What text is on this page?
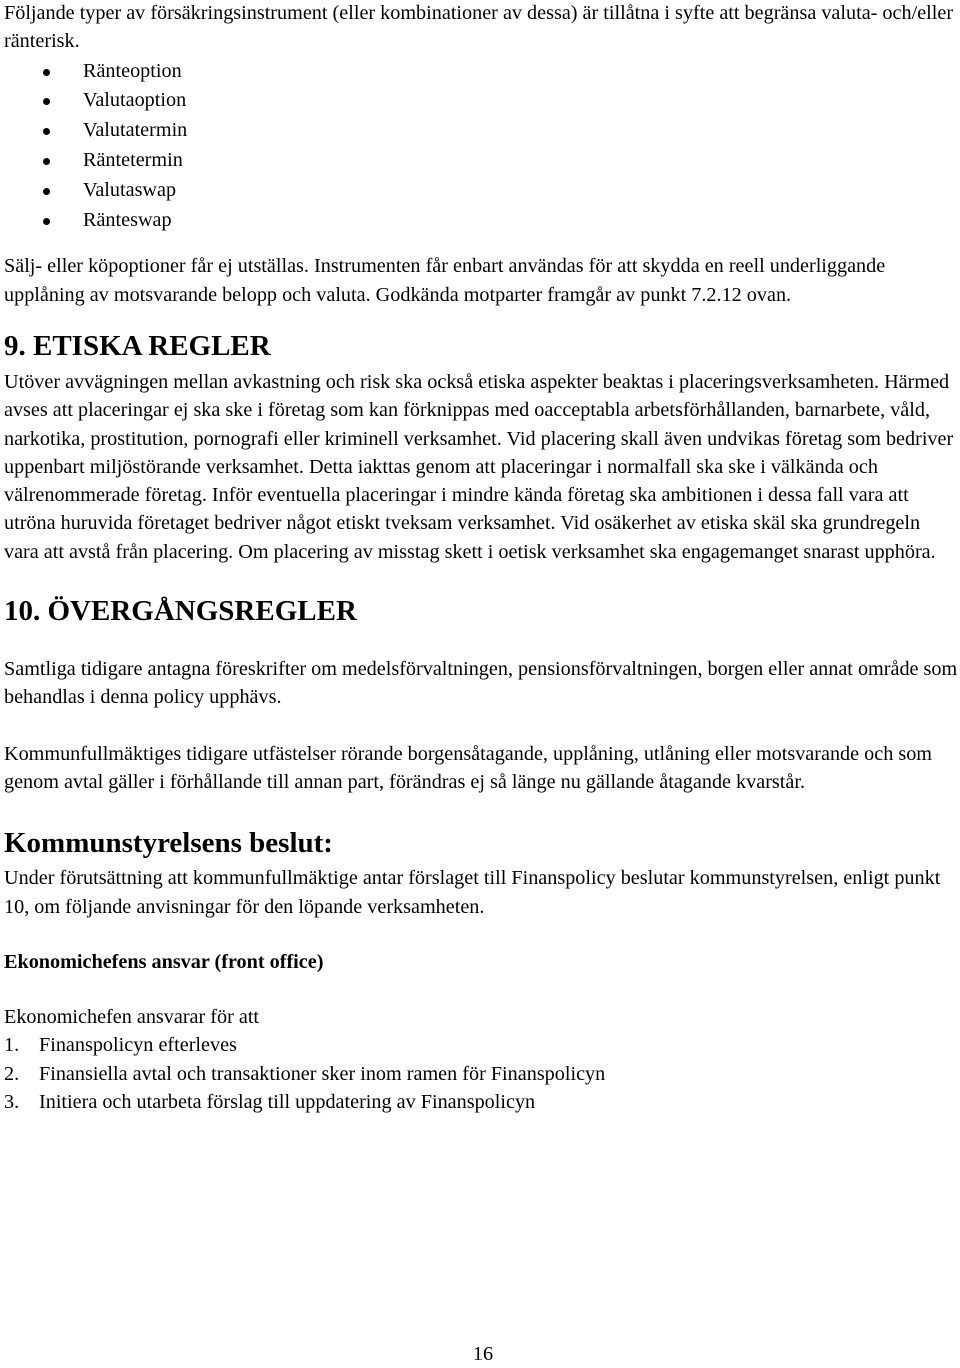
Följande typer av försäkringsinstrument (eller kombinationer av dessa) är tillåtna i syfte att begränsa valuta- och/eller ränterisk.

Ränteoption
Valutaoption
Valutatermin
Räntetermin
Valutaswap
Ränteswap

Sälj- eller köpoptioner får ej utställas. Instrumenten får enbart användas för att skydda en reell underliggande upplåning av motsvarande belopp och valuta. Godkända motparter framgår av punkt 7.2.12 ovan.

9. ETISKA REGLER

Utöver avvägningen mellan avkastning och risk ska också etiska aspekter beaktas i placeringsverksamheten. Härmed avses att placeringar ej ska ske i företag som kan förknippas med oacceptabla arbetsförhållanden, barnarbete, våld, narkotika, prostitution, pornografi eller kriminell verksamhet. Vid placering skall även undvikas företag som bedriver uppenbart miljöstörande verksamhet. Detta iakttas genom att placeringar i normalfall ska ske i välkända och välrenommerade företag. Inför eventuella placeringar i mindre kända företag ska ambitionen i dessa fall vara att utröna huruvida företaget bedriver något etiskt tveksam verksamhet. Vid osäkerhet av etiska skäl ska grundregeln vara att avstå från placering. Om placering av misstag skett i oetisk verksamhet ska engagemanget snarast upphöra.

10. ÖVERGÅNGSREGLER

Samtliga tidigare antagna föreskrifter om medelsförvaltningen, pensionsförvaltningen, borgen eller annat område som behandlas i denna policy upphävs.

Kommunfullmäktiges tidigare utfästelser rörande borgensåtagande, upplåning, utlåning eller motsvarande och som genom avtal gäller i förhållande till annan part, förändras ej så länge nu gällande åtagande kvarstår.

Kommunstyrelsens beslut:

Under förutsättning att kommunfullmäktige antar förslaget till Finanspolicy beslutar kommunstyrelsen, enligt punkt 10, om följande anvisningar för den löpande verksamheten.

Ekonomichefens ansvar (front office)

Ekonomichefen ansvarar för att

1. Finanspolicyn efterleves
2. Finansiella avtal och transaktioner sker inom ramen för Finanspolicyn
3. Initiera och utarbeta förslag till uppdatering av Finanspolicyn
16
